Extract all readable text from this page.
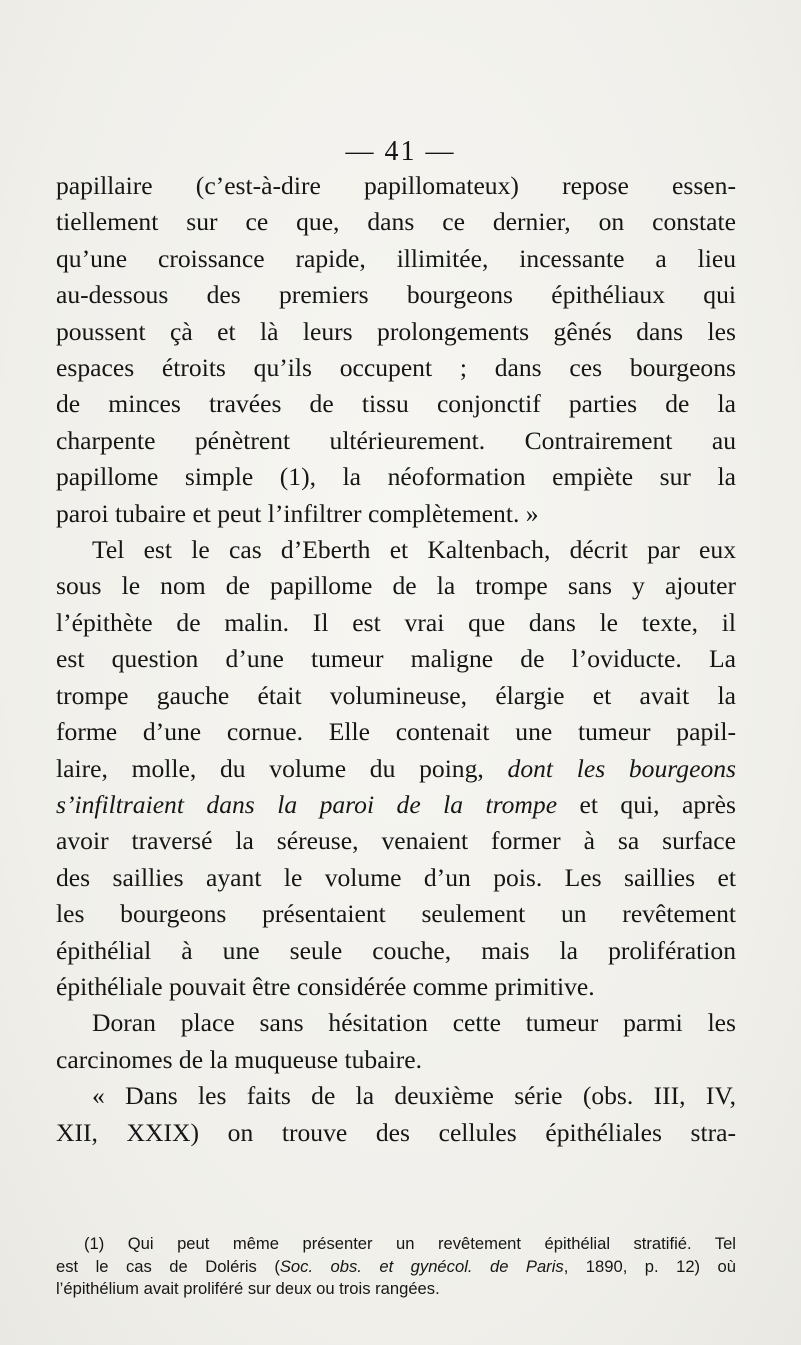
— 41 —
papillaire (c’est-à-dire papillomateux) repose essen-
tiellement sur ce que, dans ce dernier, on constate
qu’une croissance rapide, illimitée, incessante a lieu
au-dessous des premiers bourgeons épithéliaux qui
poussent çà et là leurs prolongements gênés dans les
espaces étroits qu’ils occupent ; dans ces bourgeons
de minces travées de tissu conjonctif parties de la
charpente pénètrent ultérieurement. Contrairement au
papillome simple (1), la néoformation empiète sur la
paroi tubaire et peut l’infiltrer complètement. »
Tel est le cas d’Eberth et Kaltenbach, décrit par eux
sous le nom de papillome de la trompe sans y ajouter
l’épithète de malin. Il est vrai que dans le texte, il
est question d’une tumeur maligne de l’oviducte. La
trompe gauche était volumineuse, élargie et avait la
forme d’une cornue. Elle contenait une tumeur papil-
laire, molle, du volume du poing, dont les bourgeons
s’infiltraient dans la paroi de la trompe et qui, après
avoir traversé la séreuse, venaient former à sa surface
des saillies ayant le volume d’un pois. Les saillies et
les bourgeons présentaient seulement un revêtement
épithélial à une seule couche, mais la prolifération
épithéliale pouvait être considérée comme primitive.
Doran place sans hésitation cette tumeur parmi les
carcinomes de la muqueuse tubaire.
« Dans les faits de la deuxième série (obs. III, IV,
XII, XXIX) on trouve des cellules épithéliales stra-
(1) Qui peut même présenter un revêtement épithélial stratifié. Tel
est le cas de Doléris (Soc. obs. et gynécol. de Paris, 1890, p. 12) où
l’épithélium avait proliféré sur deux ou trois rangées.
